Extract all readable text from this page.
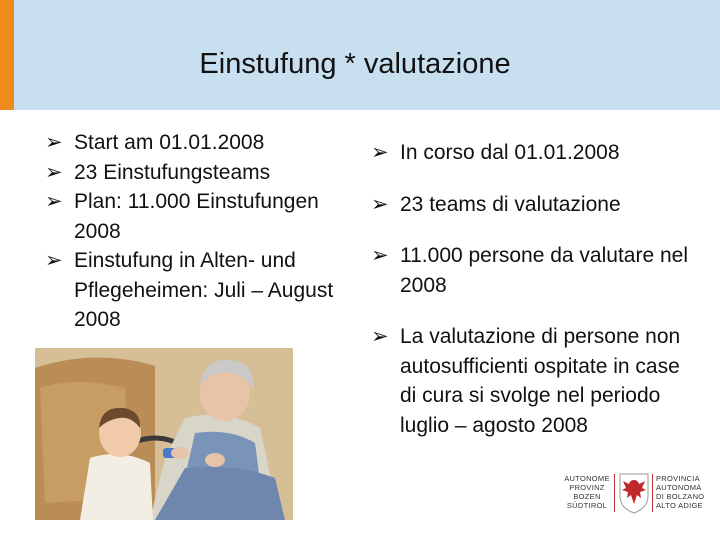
Einstufung * valutazione
➢ Start am 01.01.2008
➢ 23 Einstufungsteams
➢ Plan: 11.000 Einstufungen 2008
➢ Einstufung in Alten- und Pflegeheimen: Juli – August 2008
➢ In corso dal 01.01.2008
➢ 23 teams di valutazione
➢ 11.000 persone da valutare nel 2008
➢ La valutazione di persone non autosufficienti ospitate in case di cura si svolge nel periodo luglio – agosto 2008
AUTONOME
PROVINZ
BOZEN
SÜDTIROL
PROVINCIA
AUTONOMA
DI BOLZANO
ALTO ADIGE
